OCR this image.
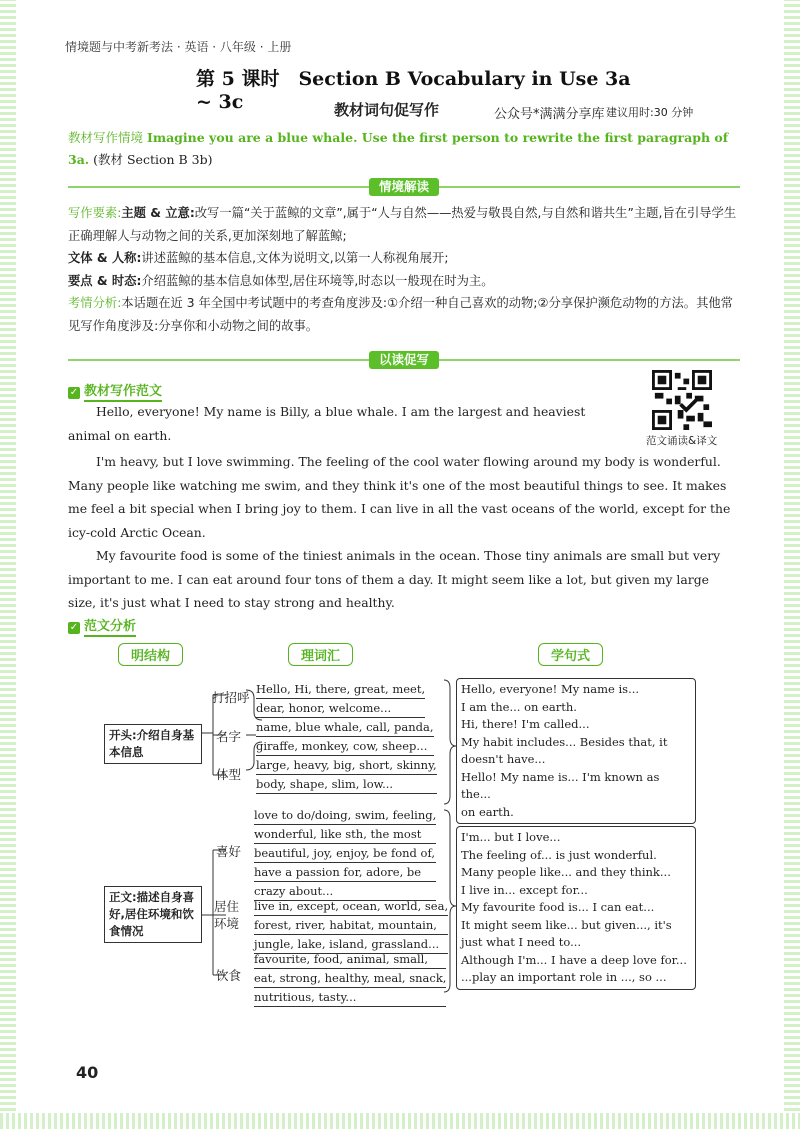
情境题与中考新考法 · 英语 · 八年级 · 上册
第 5 课时　Section B Vocabulary in Use 3a ~ 3c	教材词句促写作	公众号*满满分享库 建议用时:30 分钟
教材写作情境 Imagine you are a blue whale. Use the first person to rewrite the first paragraph of 3a. (教材 Section B 3b)
情境解读
写作要素:主题 & 立意:改写一篇“关于蓝鲸的文章”,属于“人与自然——热爱与敬畏自然,与自然和谐共生”主题,旨在引导学生正确理解人与动物之间的关系,更加深刻地了解蓝鲸;
文体 & 人称:讲述蓝鲸的基本信息,文体为说明文,以第一人称视角展开;
要点 & 时态:介绍蓝鲸的基本信息如体型,居住环境等,时态以一般现在时为主。
考情分析:本话题在近 3 年全国中考试题中的考查角度涉及:①介绍一种自己喜欢的动物;②分享保护濒危动物的方法。其他常见写作角度涉及:分享你和小动物之间的故事。
以读促写
✓ 教材写作范文
范文诵读&译文

Hello, everyone! My name is Billy, a blue whale. I am the largest and heaviest animal on earth.

I'm heavy, but I love swimming. The feeling of the cool water flowing around my body is wonderful. Many people like watching me swim, and they think it's one of the most beautiful things to see. It makes me feel a bit special when I bring joy to them. I can live in all the vast oceans of the world, except for the icy-cold Arctic Ocean.

My favourite food is some of the tiniest animals in the ocean. Those tiny animals are small but very important to me. I can eat around four tons of them a day. It might seem like a lot, but given my large size, it's just what I need to stay strong and healthy.

✓ 范文分析
明结构	理词汇	学句式
开头:介绍自身基本信息
打招呼
名字
体型
Hello, Hi, there, great, meet,
dear, honor, welcome...
name, blue whale, call, panda,
giraffe, monkey, cow, sheep...
large, heavy, big, short, skinny,
body, shape, slim, low...
Hello, everyone! My name is...
I am the... on earth.
Hi, there! I'm called...
My habit includes... Besides that, it
doesn't have...
Hello! My name is... I'm known as the...
on earth.
正文:描述自身喜好,居住环境和饮食情况
喜好
居住环境
饮食
love to do/doing, swim, feeling,
wonderful, like sth, the most
beautiful, joy, enjoy, be fond of,
have a passion for, adore, be
crazy about...
live in, except, ocean, world, sea,
forest, river, habitat, mountain,
jungle, lake, island, grassland...
favourite, food, animal, small,
eat, strong, healthy, meal, snack,
nutritious, tasty...
I'm... but I love...
The feeling of... is just wonderful.
Many people like... and they think...
I live in... except for...
My favourite food is... I can eat...
It might seem like... but given..., it's
just what I need to...
Although I'm... I have a deep love for...
...play an important role in ..., so ...
40
